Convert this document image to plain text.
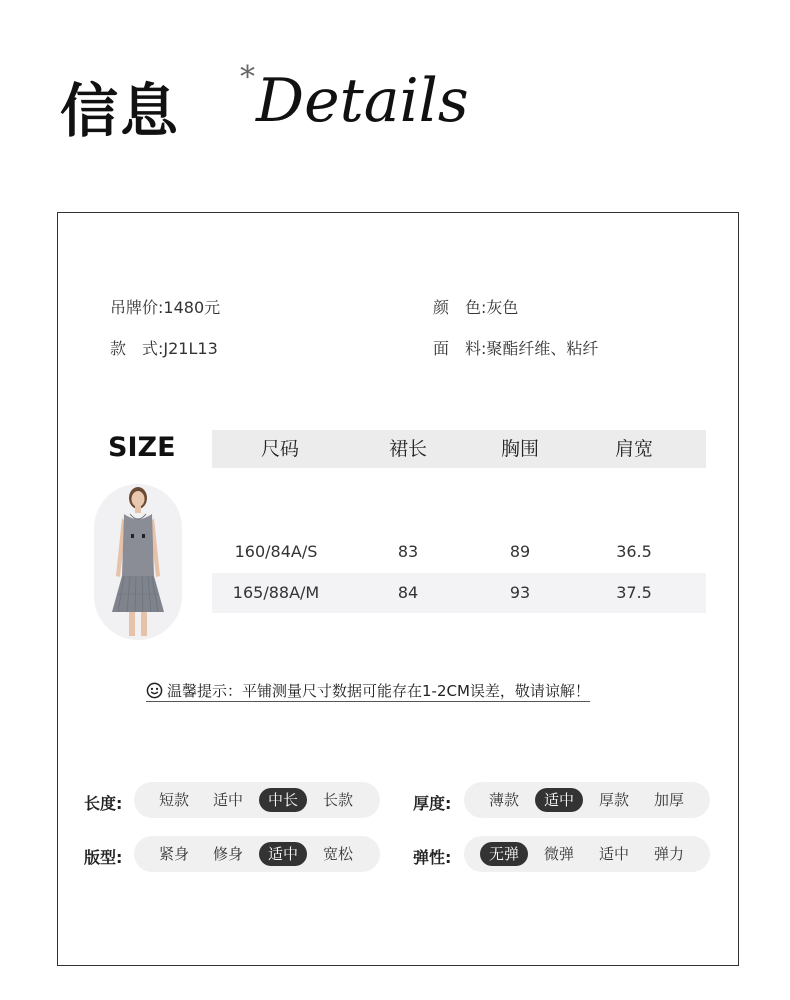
信息 * Details
吊牌价:1480元
款　式:J21L13
颜　色:灰色
面　料:聚酯纤维、粘纤
SIZE	尺码	裙长	胸围	肩宽
160/84A/S	83	89	36.5
165/88A/M	84	93	37.5
温馨提示：平铺测量尺寸数据可能存在1-2CM误差，敬请谅解！
长度:	短款	适中	中长	长款	厚度:	薄款	适中	厚款	加厚
版型:	紧身	修身	适中	宽松	弹性:	无弹	微弹	适中	弹力
